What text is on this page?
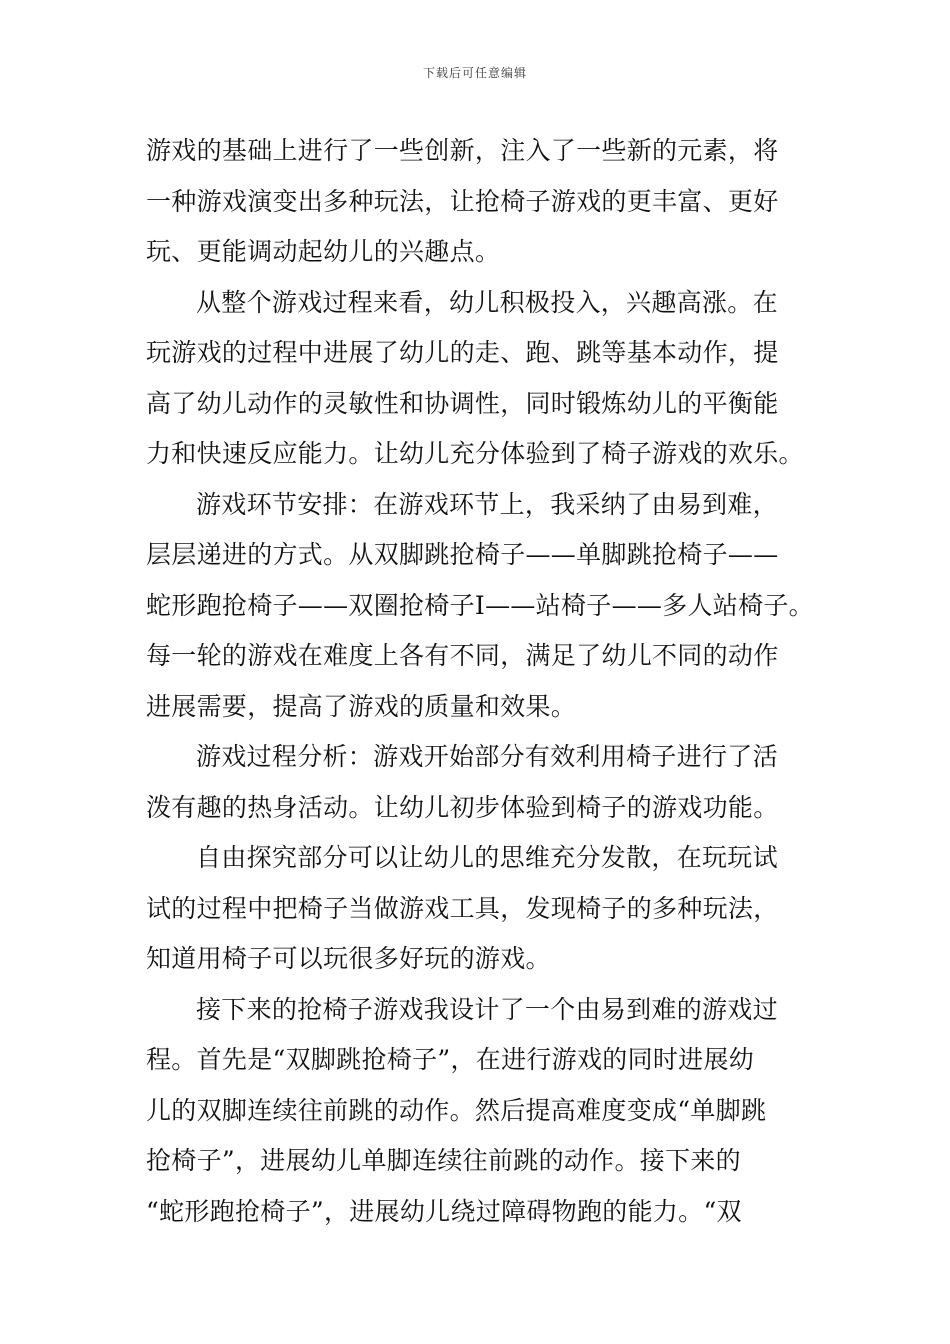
下载后可任意编辑
游戏的基础上进行了一些创新，注入了一些新的元素，将
一种游戏演变出多种玩法，让抢椅子游戏的更丰富、更好
玩、更能调动起幼儿的兴趣点。
从整个游戏过程来看，幼儿积极投入，兴趣高涨。在
玩游戏的过程中进展了幼儿的走、跑、跳等基本动作，提
高了幼儿动作的灵敏性和协调性，同时锻炼幼儿的平衡能
力和快速反应能力。让幼儿充分体验到了椅子游戏的欢乐。
游戏环节安排：在游戏环节上，我采纳了由易到难，
层层递进的方式。从双脚跳抢椅子——单脚跳抢椅子——
蛇形跑抢椅子——双圈抢椅子I——站椅子——多人站椅子。
每一轮的游戏在难度上各有不同，满足了幼儿不同的动作
进展需要，提高了游戏的质量和效果。
游戏过程分析：游戏开始部分有效利用椅子进行了活
泼有趣的热身活动。让幼儿初步体验到椅子的游戏功能。
自由探究部分可以让幼儿的思维充分发散，在玩玩试
试的过程中把椅子当做游戏工具，发现椅子的多种玩法，
知道用椅子可以玩很多好玩的游戏。
接下来的抢椅子游戏我设计了一个由易到难的游戏过
程。首先是“双脚跳抢椅子”，在进行游戏的同时进展幼
儿的双脚连续往前跳的动作。然后提高难度变成“单脚跳
抢椅子”，进展幼儿单脚连续往前跳的动作。接下来的
“蛇形跑抢椅子”，进展幼儿绕过障碍物跑的能力。“双
